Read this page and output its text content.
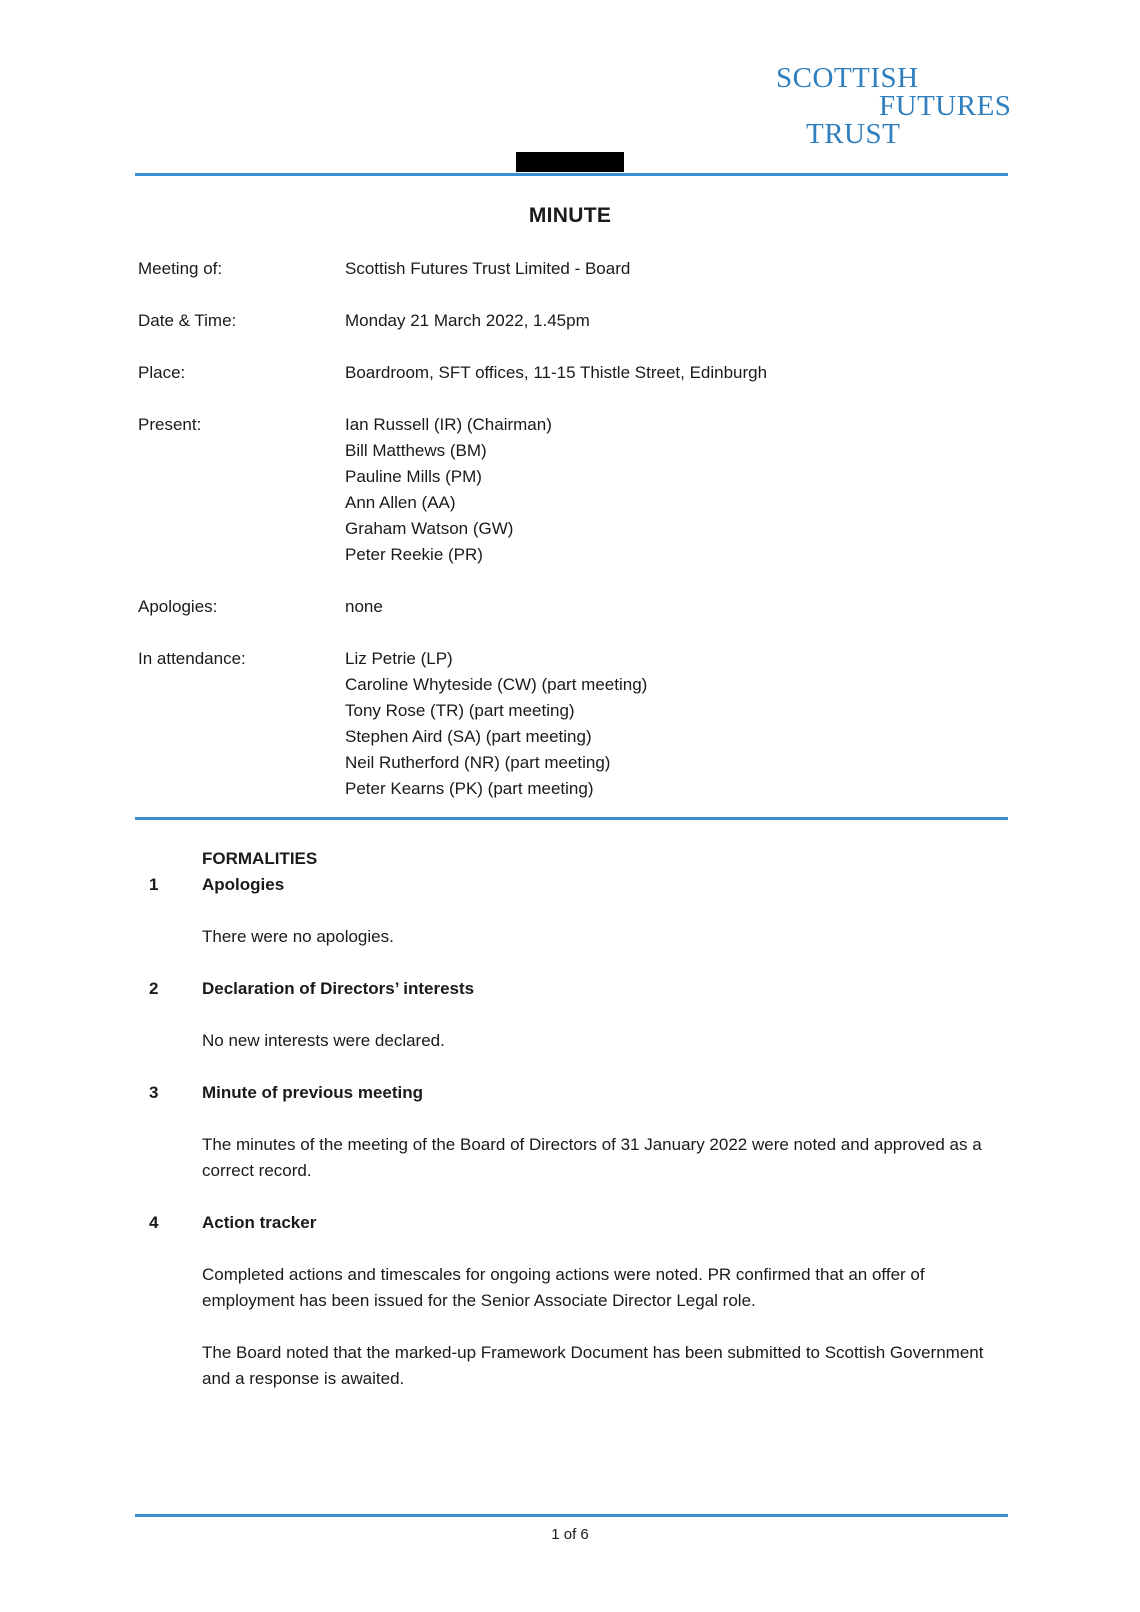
SCOTTISH
FUTURES
TRUST
MINUTE
Meeting of:	Scottish Futures Trust Limited - Board
Date & Time:	Monday 21 March 2022, 1.45pm
Place:	Boardroom, SFT offices, 11-15 Thistle Street, Edinburgh
Present:	Ian Russell (IR) (Chairman)
Bill Matthews (BM)
Pauline Mills (PM)
Ann Allen (AA)
Graham Watson (GW)
Peter Reekie (PR)
Apologies:	none
In attendance:	Liz Petrie (LP)
Caroline Whyteside (CW) (part meeting)
Tony Rose (TR) (part meeting)
Stephen Aird (SA) (part meeting)
Neil Rutherford (NR) (part meeting)
Peter Kearns (PK) (part meeting)
FORMALITIES
1	Apologies
There were no apologies.
2	Declaration of Directors’ interests
No new interests were declared.
3	Minute of previous meeting
The minutes of the meeting of the Board of Directors of 31 January 2022 were noted and approved as a correct record.
4	Action tracker
Completed actions and timescales for ongoing actions were noted. PR confirmed that an offer of employment has been issued for the Senior Associate Director Legal role.
The Board noted that the marked-up Framework Document has been submitted to Scottish Government and a response is awaited.
1 of 6
